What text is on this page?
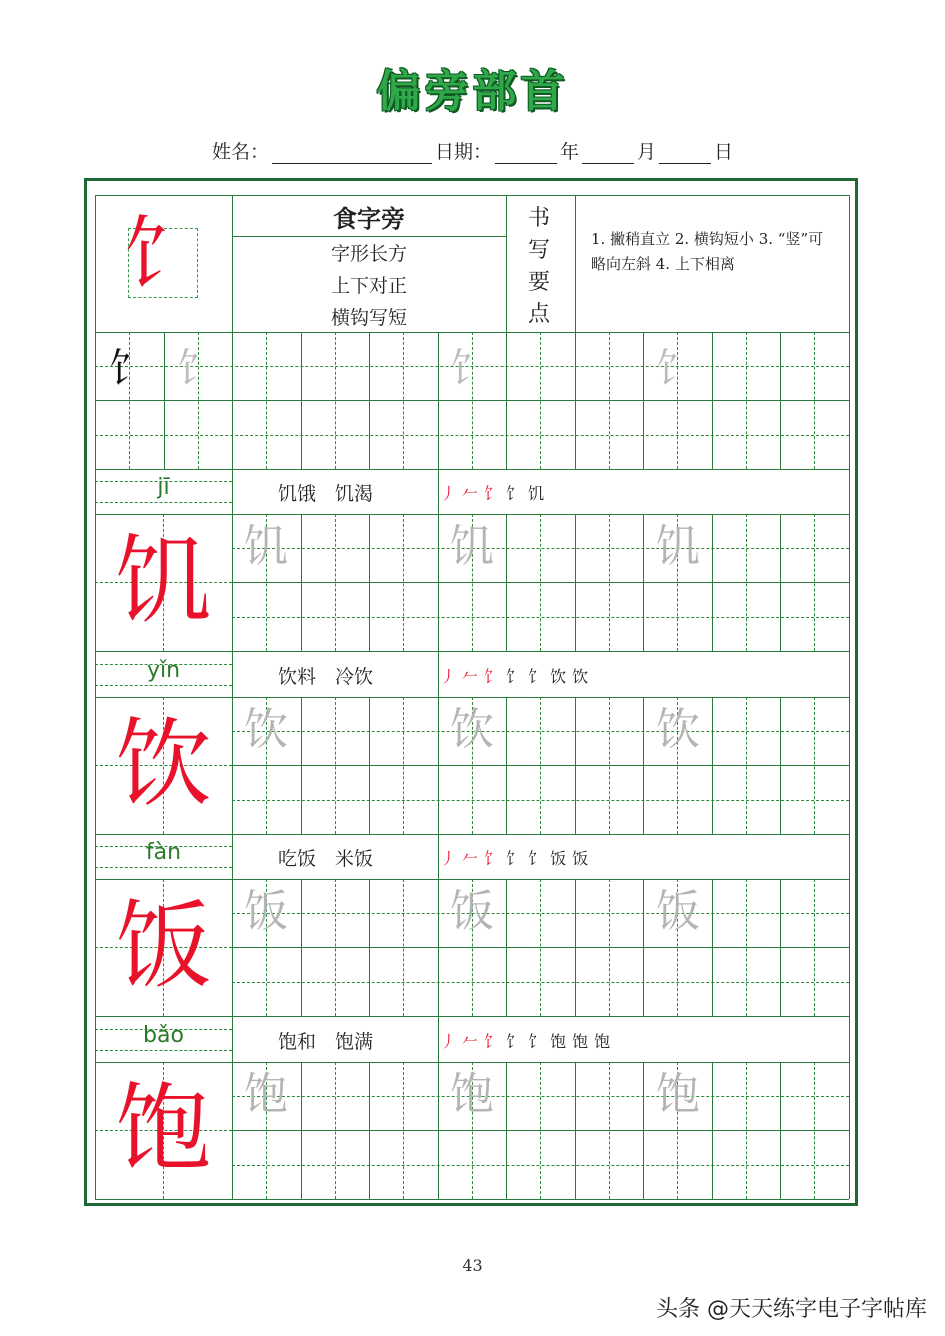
偏旁部首
姓名：	日期：	年	月	日
饣	食字旁
字形长方
上下对正
横钩写短
书
写
要
点
1. 撇稍直立 2. 横钩短小 3. “竖”可略向左斜 4. 上下相离
饣 饣	饣	饣
jī	饥饿　饥渴	丿𠂉饣饣饥
饥 饥	饥	饥
yǐn	饮料　冷饮	丿𠂉饣饣饣饮饮
饮 饮	饮	饮
fàn	吃饭　米饭	丿𠂉饣饣饣饭饭
饭 饭	饭	饭
bǎo	饱和　饱满	丿𠂉饣饣饣饱饱饱
饱 饱	饱	饱
43
头条 @天天练字电子字帖库
